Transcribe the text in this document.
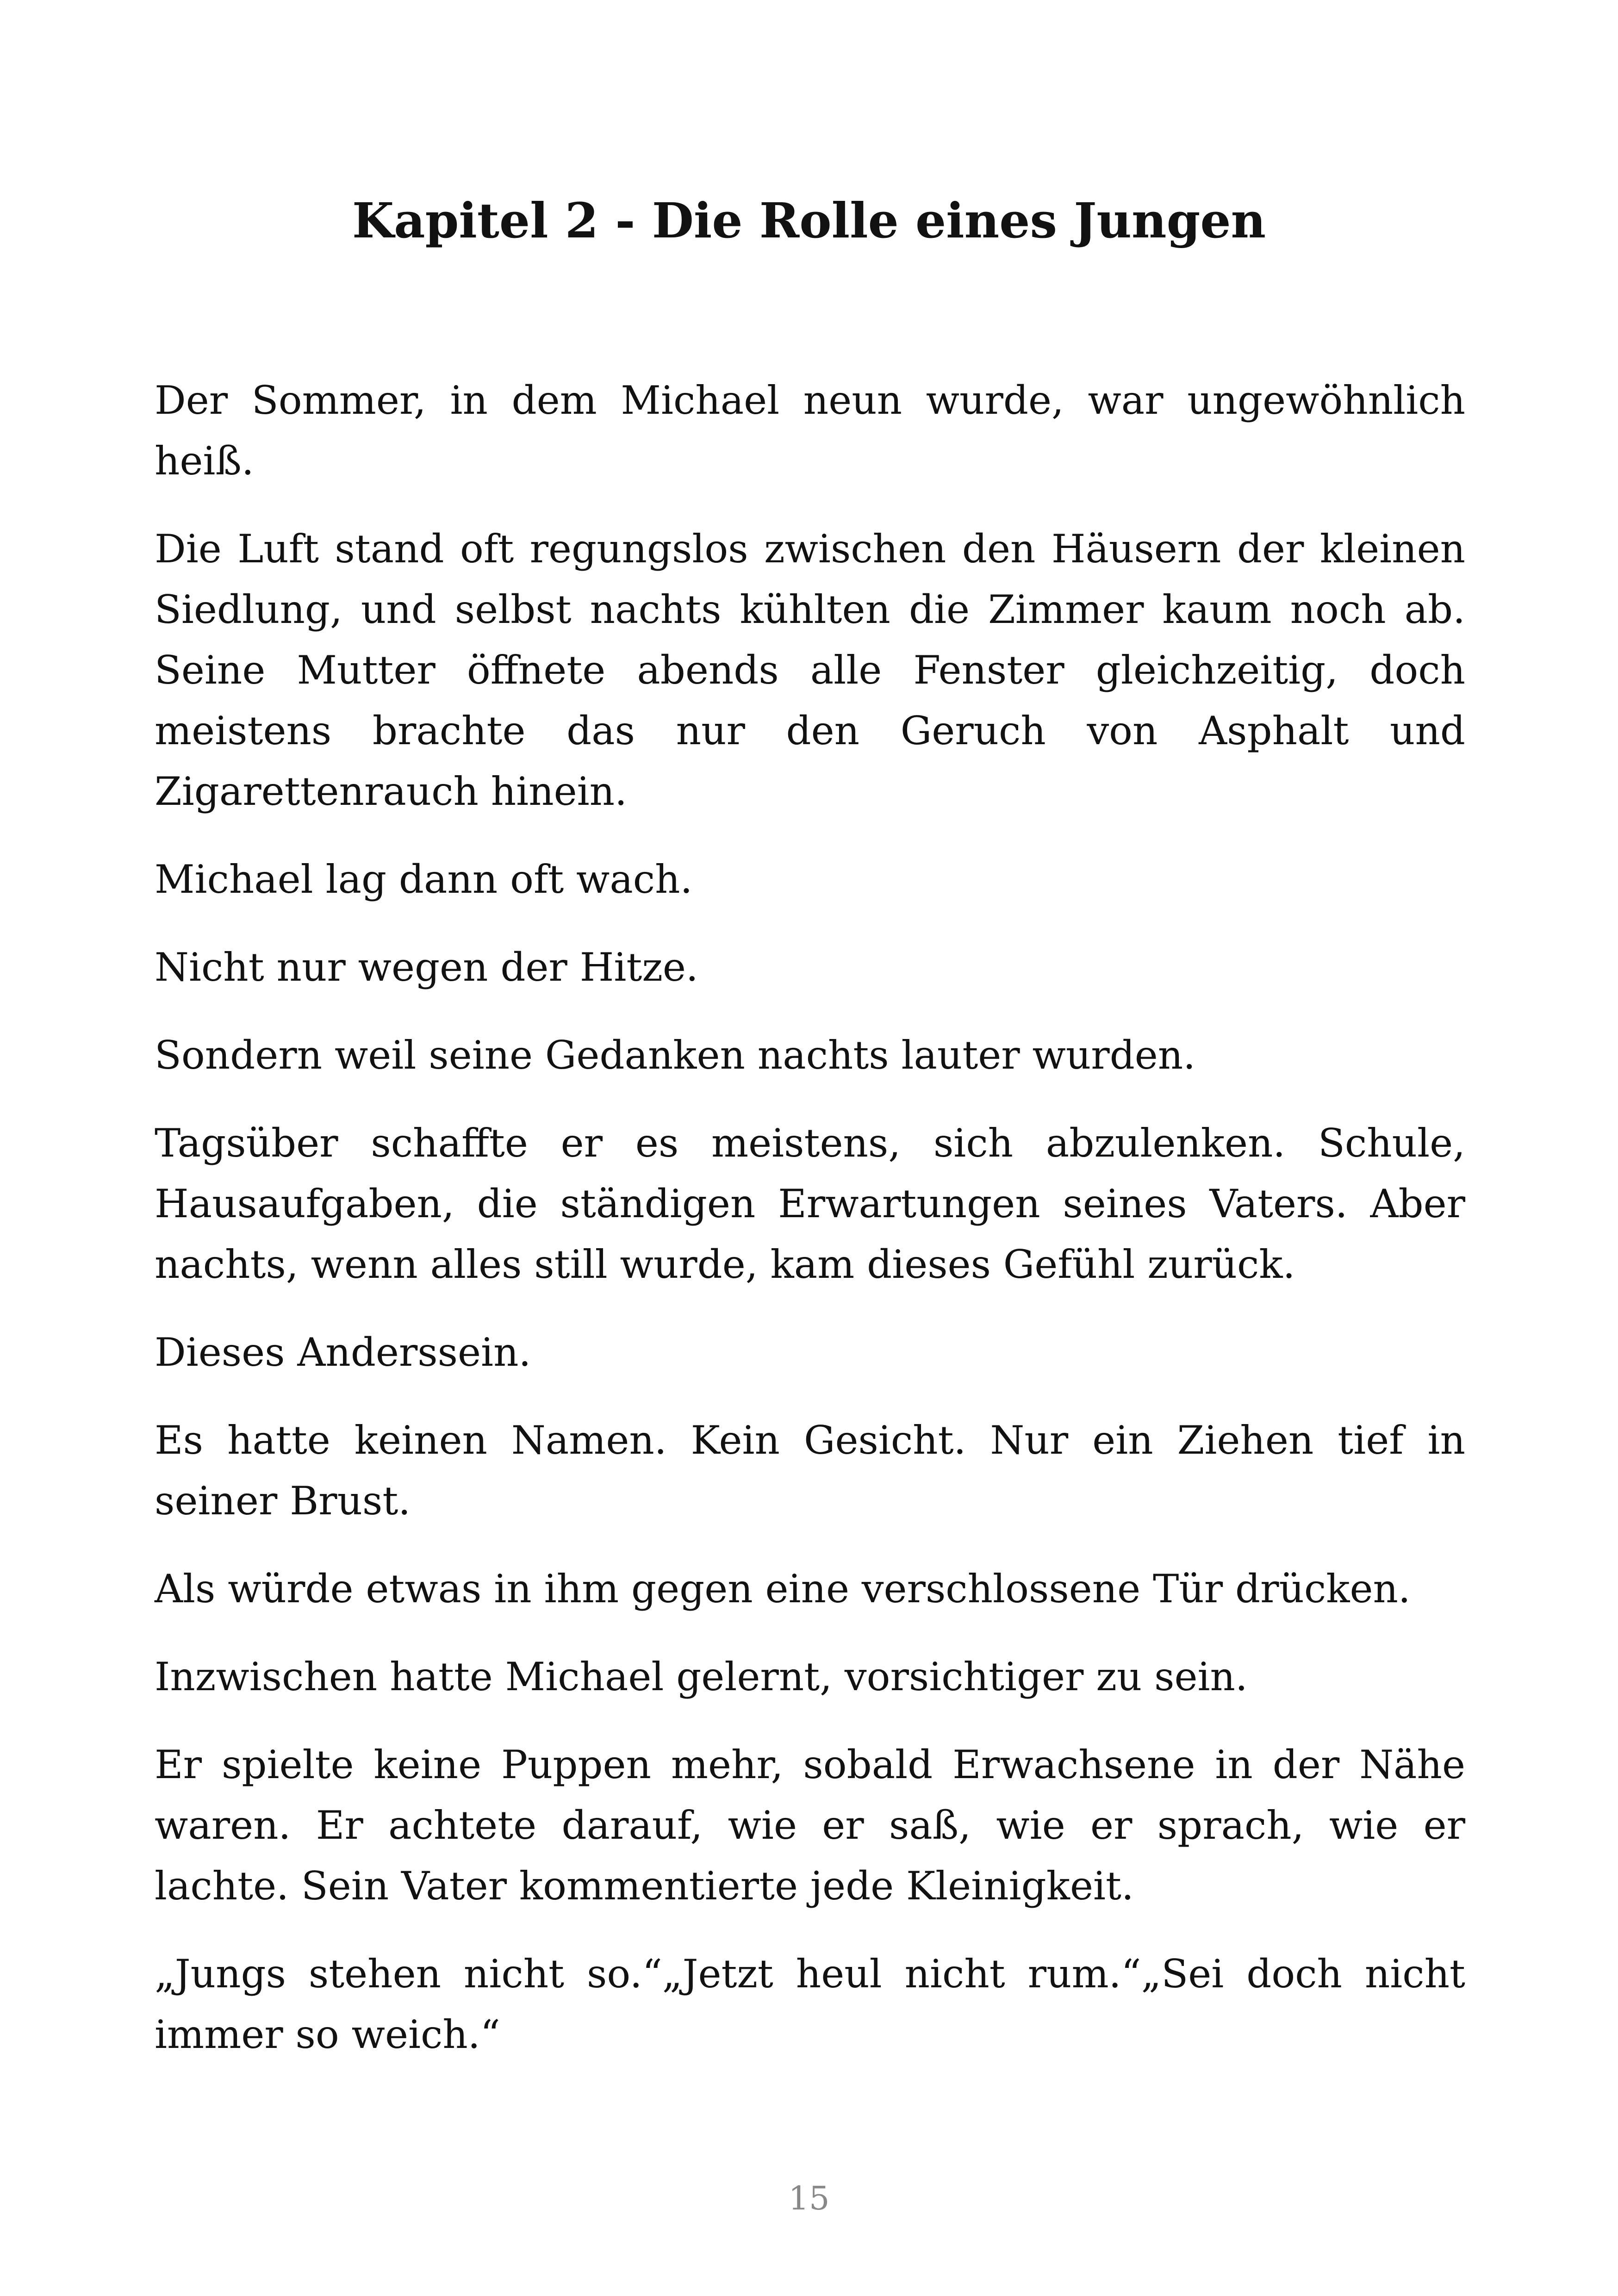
Kapitel 2 - Die Rolle eines Jungen

Der Sommer, in dem Michael neun wurde, war ungewöhnlich heiß.

Die Luft stand oft regungslos zwischen den Häusern der kleinen Siedlung, und selbst nachts kühlten die Zimmer kaum noch ab. Seine Mutter öffnete abends alle Fenster gleichzeitig, doch meistens brachte das nur den Geruch von Asphalt und Zigarettenrauch hinein.

Michael lag dann oft wach.

Nicht nur wegen der Hitze.

Sondern weil seine Gedanken nachts lauter wurden.

Tagsüber schaffte er es meistens, sich abzulenken. Schule, Hausaufgaben, die ständigen Erwartungen seines Vaters. Aber nachts, wenn alles still wurde, kam dieses Gefühl zurück.

Dieses Anderssein.

Es hatte keinen Namen. Kein Gesicht. Nur ein Ziehen tief in seiner Brust.

Als würde etwas in ihm gegen eine verschlossene Tür drücken.

Inzwischen hatte Michael gelernt, vorsichtiger zu sein.

Er spielte keine Puppen mehr, sobald Erwachsene in der Nähe waren. Er achtete darauf, wie er saß, wie er sprach, wie er lachte. Sein Vater kommentierte jede Kleinigkeit.

„Jungs stehen nicht so.“„Jetzt heul nicht rum.“„Sei doch nicht immer so weich.“

15
